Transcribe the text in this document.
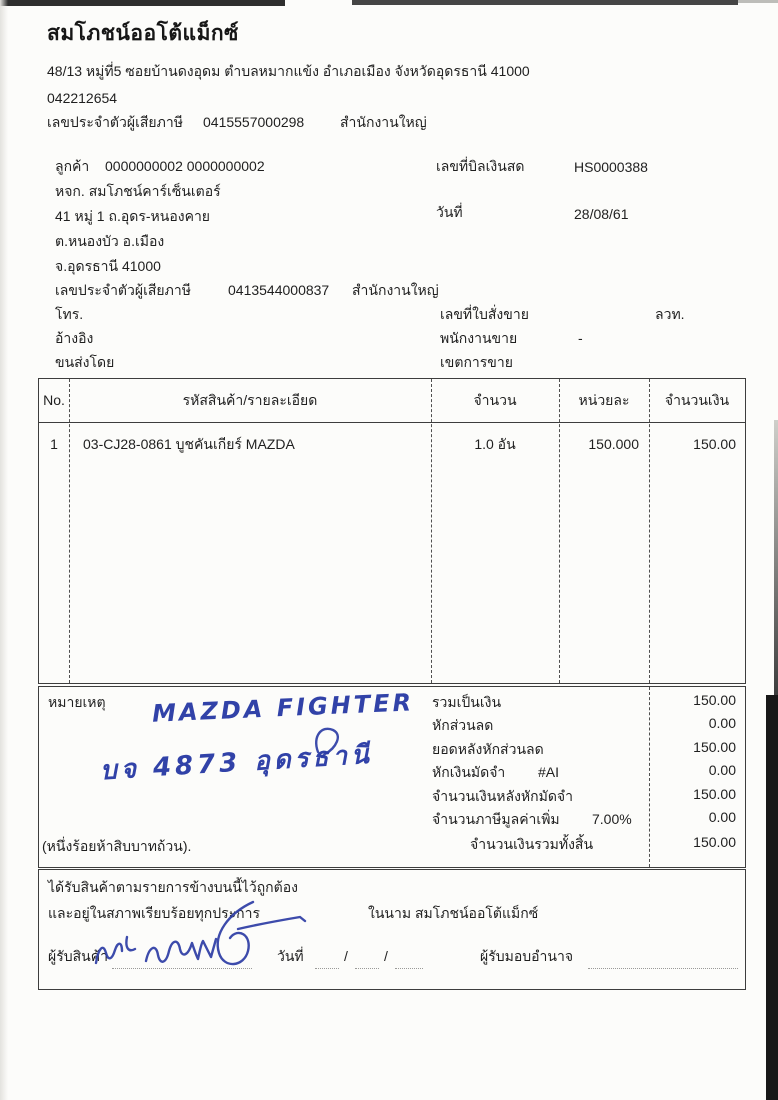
สมโภชน์ออโต้แม็กซ์
48/13 หมู่ที่5 ซอยบ้านดงอุดม ตำบลหมากแข้ง อำเภอเมือง จังหวัดอุดรธานี 41000
042212654
เลขประจำตัวผู้เสียภาษี 0415557000298	สำนักงานใหญ่
ลูกค้า 0000000002 0000000002
หจก. สมโภชน์คาร์เซ็นเตอร์
41 หมู่ 1 ถ.อุดร-หนองคาย
ต.หนองบัว อ.เมือง
จ.อุดรธานี 41000
เลขประจำตัวผู้เสียภาษี	0413544000837 สำนักงานใหญ่
โทร.
อ้างอิง
ขนส่งโดย
เลขที่บิลเงินสด	HS0000388
วันที่	28/08/61
เลขที่ใบสั่งขาย	ลวท.
พนักงานขาย	-
เขตการขาย
No.	รหัสสินค้า/รายละเอียด	จำนวน	หน่วยละ	จำนวนเงิน
1	03-CJ28-0861 บูชคันเกียร์ MAZDA	1.0 อัน	150.000	150.00
หมายเหตุ	รวมเป็นเงิน	150.00
หักส่วนลด	0.00
ยอดหลังหักส่วนลด	150.00
หักเงินมัดจำ #AI	0.00
จำนวนเงินหลังหักมัดจำ	150.00
จำนวนภาษีมูลค่าเพิ่ม 7.00%	0.00
จำนวนเงินรวมทั้งสิ้น	150.00
(หนึ่งร้อยห้าสิบบาทถ้วน).
MAZDA FIGHTER
บจ 4873 อุดรธานี
ได้รับสินค้าตามรายการข้างบนนี้ไว้ถูกต้อง
และอยู่ในสภาพเรียบร้อยทุกประการ	ในนาม สมโภชน์ออโต้แม็กซ์
ผู้รับสินค้า	วันที่	/	/	ผู้รับมอบอำนาจ
